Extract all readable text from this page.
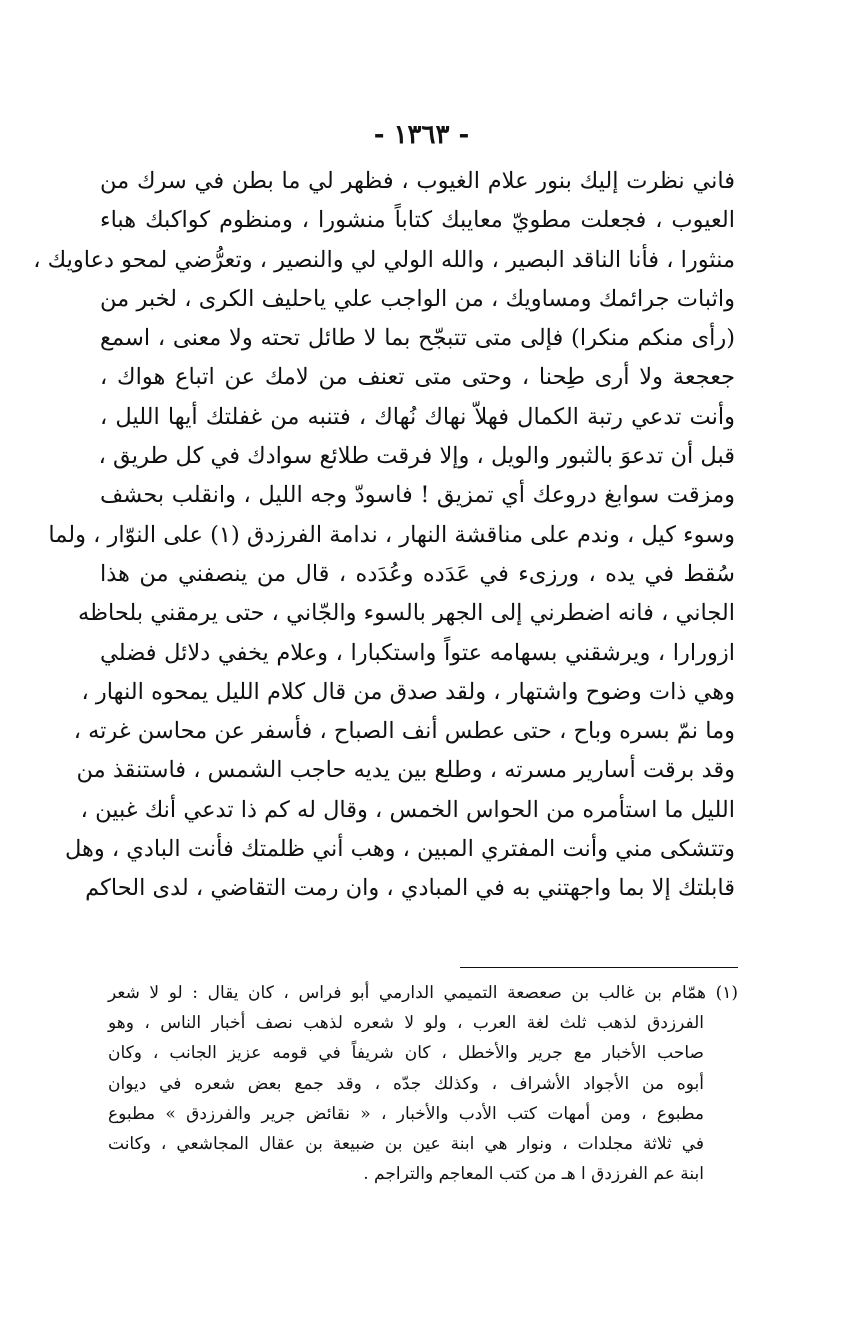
- ١٣٦٣ -
فاني نظرت إليك بنور علام الغيوب ، فظهر لي ما بطن في سرك من
العيوب ، فجعلت مطويّ معايبك كتاباً منشورا ، ومنظوم كواكبك هباء
منثورا ، فأنا الناقد البصير ، والله الولي لي والنصير ، وتعرُّضي لمحو دعاويك ،
واثبات جرائمك ومساويك ، من الواجب علي ياحليف الكرى ، لخبر من
(رأى منكم منكرا) فإلى متى تتبجّح بما لا طائل تحته ولا معنى ، اسمع
جعجعة ولا أرى طِحنا ، وحتى متى تعنف من لامك عن اتباع هواك ،
وأنت تدعي رتبة الكمال فهلاّ نهاك نُهاك ، فتنبه من غفلتك أيها الليل ،
قبل أن تدعوَ بالثبور والويل ، وإلا فرقت طلائع سوادك في كل طريق ،
ومزقت سوابغ دروعك أي تمزيق ! فاسودّ وجه الليل ، وانقلب بحشف
وسوء كيل ، وندم على مناقشة النهار ، ندامة الفرزدق (١) على النوّار ، ولما
سُقط في يده ، ورزىء في عَدَده وعُدَده ، قال من ينصفني من هذا
الجاني ، فانه اضطرني إلى الجهر بالسوء والجّاني ، حتى يرمقني بلحاظه
ازورارا ، ويرشقني بسهامه عتواً واستكبارا ، وعلام يخفي دلائل فضلي
وهي ذات وضوح واشتهار ، ولقد صدق من قال كلام الليل يمحوه النهار ،
وما نمّ بسره وباح ، حتى عطس أنف الصباح ، فأسفر عن محاسن غرته ،
وقد برقت أسارير مسرته ، وطلع بين يديه حاجب الشمس ، فاستنقذ من
الليل ما استأمره من الحواس الخمس ، وقال له كم ذا تدعي أنك غبين ،
وتتشكى مني وأنت المفتري المبين ، وهب أني ظلمتك فأنت البادي ، وهل
قابلتك إلا بما واجهتني به في المبادي ، وان رمت التقاضي ، لدى الحاكم
(١) همّام بن غالب بن صعصعة التميمي الدارمي أبو فراس ، كان يقال : لو لا شعر
الفرزدق لذهب ثلث لغة العرب ، ولو لا شعره لذهب نصف أخبار الناس ، وهو
صاحب الأخبار مع جرير والأخطل ، كان شريفاً في قومه عزيز الجانب ، وكان
أبوه من الأجواد الأشراف ، وكذلك جدّه ، وقد جمع بعض شعره في ديوان
مطبوع ، ومن أمهات كتب الأدب والأخبار ، « نقائض جرير والفرزدق » مطبوع
في ثلاثة مجلدات ، ونوار هي ابنة عين بن ضبيعة بن عقال المجاشعي ، وكانت
ابنة عم الفرزدق ا هـ من كتب المعاجم والتراجم .
